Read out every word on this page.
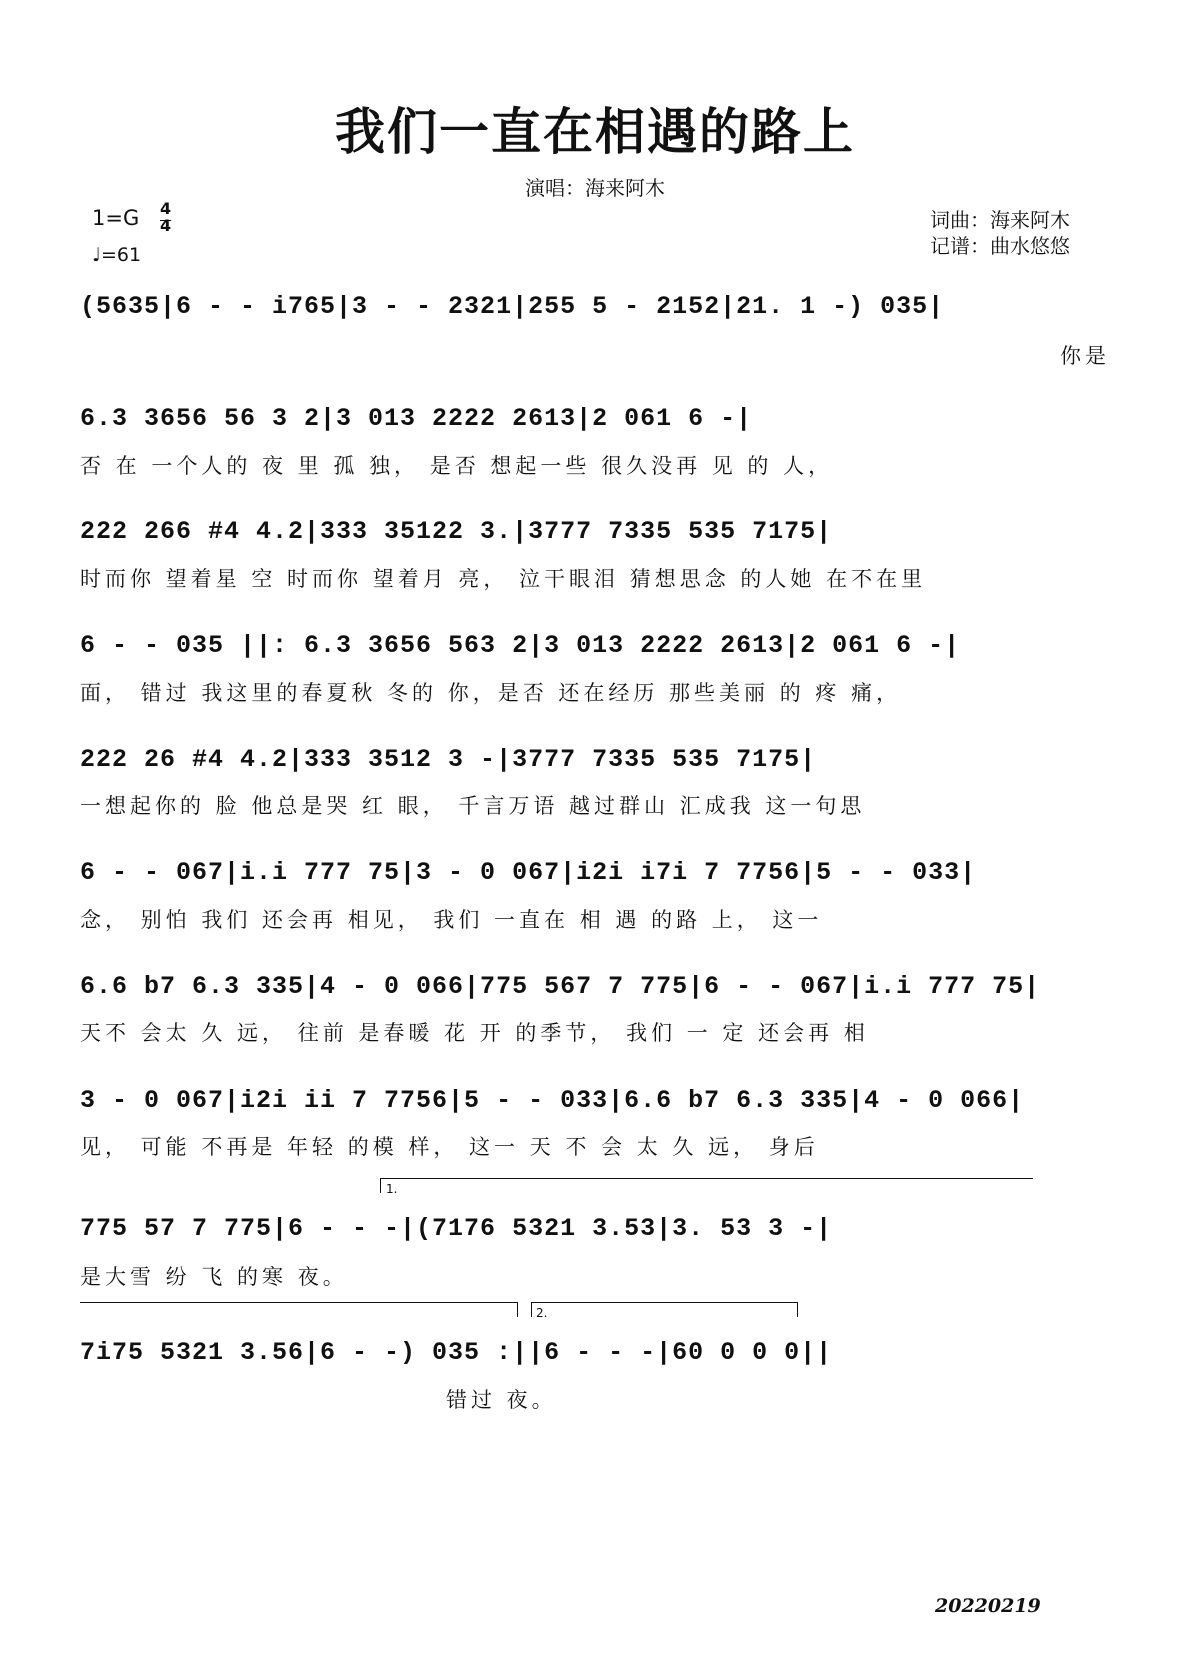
我们一直在相遇的路上
演唱：海来阿木
1=G 4
4
♩=61
词曲：海来阿木
记谱：曲水悠悠
(5635|6 - - i765|3 - - 2321|255 5 - 2152|21. 1 -) 035|
你是
6.3 3656 56 3 2|3 013 2222 2613|2 061 6 -|
否 在 一个人的 夜 里 孤 独， 是否 想起一些 很久没再 见 的 人，
222 266 #4 4.2|333 35122 3.|3777 7335 535 7175|
时而你 望着星 空 时而你 望着月 亮， 泣干眼泪 猜想思念 的人她 在不在里
6 - - 035 ||: 6.3 3656 563 2|3 013 2222 2613|2 061 6 -|
面， 错过 我这里的春夏秋 冬的 你，是否 还在经历 那些美丽 的 疼 痛，
222 26 #4 4.2|333 3512 3 -|3777 7335 535 7175|
一想起你的 脸 他总是哭 红 眼， 千言万语 越过群山 汇成我 这一句思
6 - - 067|i.i 777 75|3 - 0 067|i2i i7i 7 7756|5 - - 033|
念， 别怕 我们 还会再 相见， 我们 一直在 相 遇 的路 上， 这一
6.6 b7 6.3 335|4 - 0 066|775 567 7 775|6 - - 067|i.i 777 75|
天不 会太 久 远， 往前 是春暖 花 开 的季节， 我们 一 定 还会再 相
3 - 0 067|i2i ii 7 7756|5 - - 033|6.6 b7 6.3 335|4 - 0 066|
见， 可能 不再是 年轻 的模 样， 这一 天 不 会 太 久 远， 身后
1.
775 57 7 775|6 - - -|(7176 5321 3.53|3. 53 3 -|
是大雪 纷 飞 的寒 夜。
2.
7i75 5321 3.56|6 - -) 035 :||6 - - -|60 0 0 0||
错过 夜。
20220219
